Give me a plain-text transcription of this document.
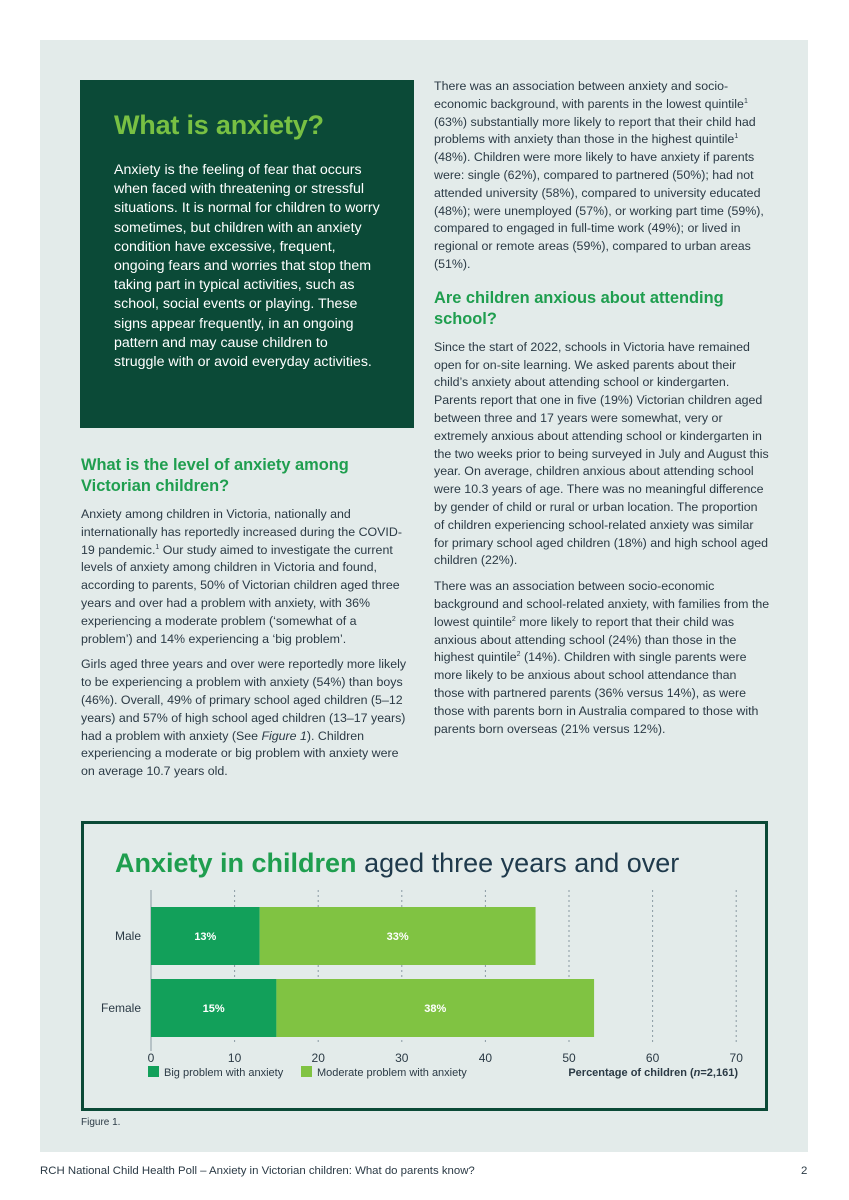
What is anxiety?

Anxiety is the feeling of fear that occurs when faced with threatening or stressful situations. It is normal for children to worry sometimes, but children with an anxiety condition have excessive, frequent, ongoing fears and worries that stop them taking part in typical activities, such as school, social events or playing. These signs appear frequently, in an ongoing pattern and may cause children to struggle with or avoid everyday activities.

What is the level of anxiety among Victorian children?

Anxiety among children in Victoria, nationally and internationally has reportedly increased during the COVID-19 pandemic.$^1$ Our study aimed to investigate the current levels of anxiety among children in Victoria and found, according to parents, 50% of Victorian children aged three years and over had a problem with anxiety, with 36% experiencing a moderate problem (‘somewhat of a problem’) and 14% experiencing a ‘big problem’.

Girls aged three years and over were reportedly more likely to be experiencing a problem with anxiety (54%) than boys (46%). Overall, 49% of primary school aged children (5–12 years) and 57% of high school aged children (13–17 years) had a problem with anxiety (See Figure 1). Children experiencing a moderate or big problem with anxiety were on average 10.7 years old.

There was an association between anxiety and socio-economic background, with parents in the lowest quintile$^1$ (63%) substantially more likely to report that their child had problems with anxiety than those in the highest quintile$^1$ (48%). Children were more likely to have anxiety if parents were: single (62%), compared to partnered (50%); had not attended university (58%), compared to university educated (48%); were unemployed (57%), or working part time (59%), compared to engaged in full-time work (49%); or lived in regional or remote areas (59%), compared to urban areas (51%).

Are children anxious about attending school?

Since the start of 2022, schools in Victoria have remained open for on-site learning. We asked parents about their child’s anxiety about attending school or kindergarten. Parents report that one in five (19%) Victorian children aged between three and 17 years were somewhat, very or extremely anxious about attending school or kindergarten in the two weeks prior to being surveyed in July and August this year. On average, children anxious about attending school were 10.3 years of age. There was no meaningful difference by gender of child or rural or urban location. The proportion of children experiencing school-related anxiety was similar for primary school aged children (18%) and high school aged children (22%).

There was an association between socio-economic background and school-related anxiety, with families from the lowest quintile$^2$ more likely to report that their child was anxious about attending school (24%) than those in the highest quintile$^2$ (14%). Children with single parents were more likely to be anxious about school attendance than those with partnered parents (36% versus 14%), as were those with parents born in Australia compared to those with parents born overseas (21% versus 12%).

Anxiety in children aged three years and over
Male	13%	33%
Female	15%	38%
0	10	20	30	40	50	60	70
Big problem with anxiety	Moderate problem with anxiety	Percentage of children (n=2,161)
Figure 1.
RCH National Child Health Poll – Anxiety in Victorian children: What do parents know?	2
